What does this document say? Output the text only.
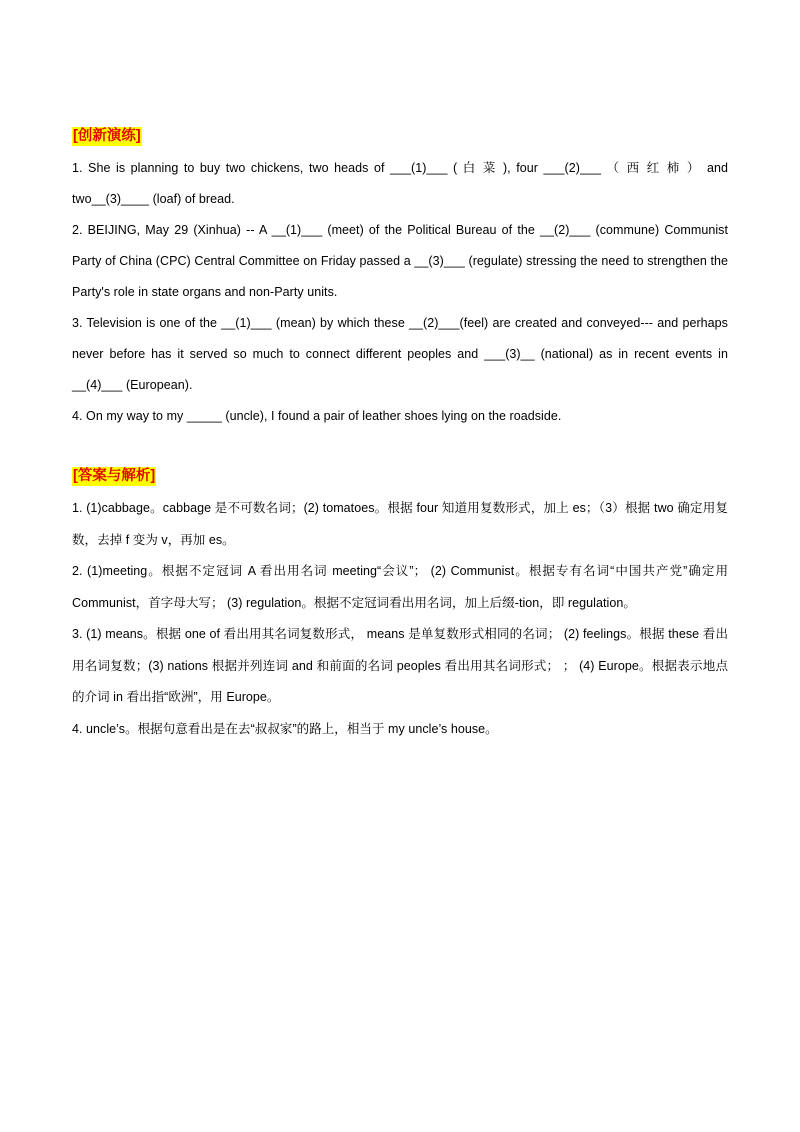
[创新演练]

1. She is planning to buy two chickens, two heads of ___(1)___ ( 白 菜 ), four ___(2)___ （ 西 红 柿 ） and two__(3)____ (loaf) of bread.

2. BEIJING, May 29 (Xinhua) -- A __(1)___ (meet) of the Political Bureau of the __(2)___ (commune) Communist Party of China (CPC) Central Committee on Friday passed a __(3)___ (regulate) stressing the need to strengthen the Party's role in state organs and non-Party units.

3. Television is one of the __(1)___ (mean) by which these __(2)___(feel) are created and conveyed--- and perhaps never before has it served so much to connect different peoples and ___(3)__ (national) as in recent events in __(4)___ (European).

4. On my way to my _____ (uncle), I found a pair of leather shoes lying on the roadside.

[答案与解析]

1. (1)cabbage。cabbage 是不可数名词；(2) tomatoes。根据 four 知道用复数形式，加上 es；（3）根据 two 确定用复数，去掉 f 变为 v，再加 es。

2. (1)meeting。根据不定冠词 A 看出用名词 meeting“会议”； (2) Communist。根据专有名词“中国共产党”确定用 Communist，首字母大写； (3) regulation。根据不定冠词看出用名词，加上后缀-tion，即 regulation。

3. (1) means。根据 one of 看出用其名词复数形式， means 是单复数形式相同的名词； (2) feelings。根据 these 看出用名词复数；(3) nations 根据并列连词 and 和前面的名词 peoples 看出用其名词形式； ； (4) Europe。根据表示地点的介词 in 看出指“欧洲”，用 Europe。

4. uncle’s。根据句意看出是在去“叔叔家”的路上，相当于 my uncle’s house。
